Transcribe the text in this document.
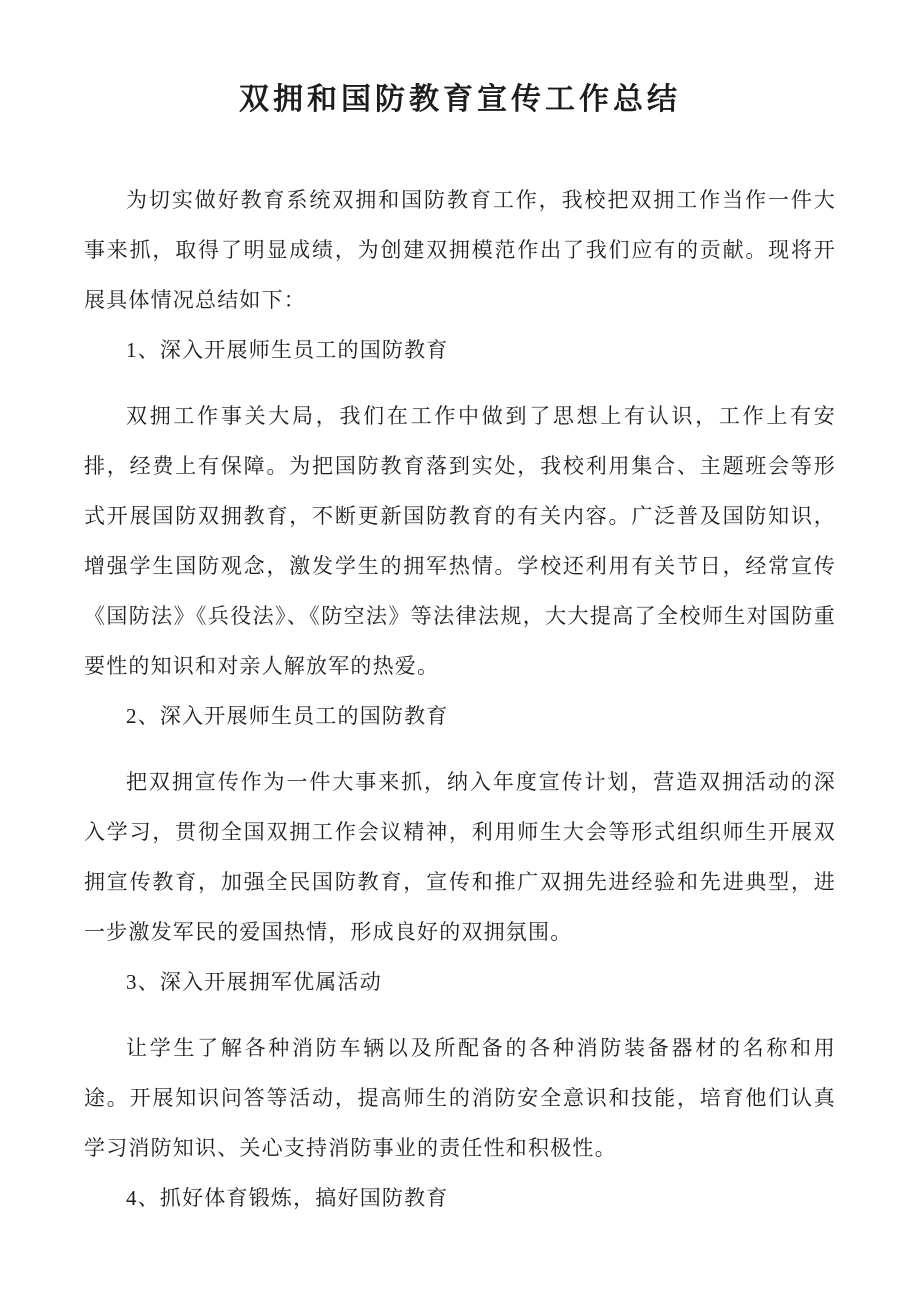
双拥和国防教育宣传工作总结

为切实做好教育系统双拥和国防教育工作，我校把双拥工作当作一件大事来抓，取得了明显成绩，为创建双拥模范作出了我们应有的贡献。现将开展具体情况总结如下：

1、深入开展师生员工的国防教育

双拥工作事关大局，我们在工作中做到了思想上有认识，工作上有安排，经费上有保障。为把国防教育落到实处，我校利用集合、主题班会等形式开展国防双拥教育，不断更新国防教育的有关内容。广泛普及国防知识，增强学生国防观念，激发学生的拥军热情。学校还利用有关节日，经常宣传《国防法》《兵役法》、《防空法》等法律法规，大大提高了全校师生对国防重要性的知识和对亲人解放军的热爱。

2、深入开展师生员工的国防教育

把双拥宣传作为一件大事来抓，纳入年度宣传计划，营造双拥活动的深入学习，贯彻全国双拥工作会议精神，利用师生大会等形式组织师生开展双拥宣传教育，加强全民国防教育，宣传和推广双拥先进经验和先进典型，进一步激发军民的爱国热情，形成良好的双拥氛围。

3、深入开展拥军优属活动

让学生了解各种消防车辆以及所配备的各种消防装备器材的名称和用途。开展知识问答等活动，提高师生的消防安全意识和技能，培育他们认真学习消防知识、关心支持消防事业的责任性和积极性。

4、抓好体育锻炼，搞好国防教育
